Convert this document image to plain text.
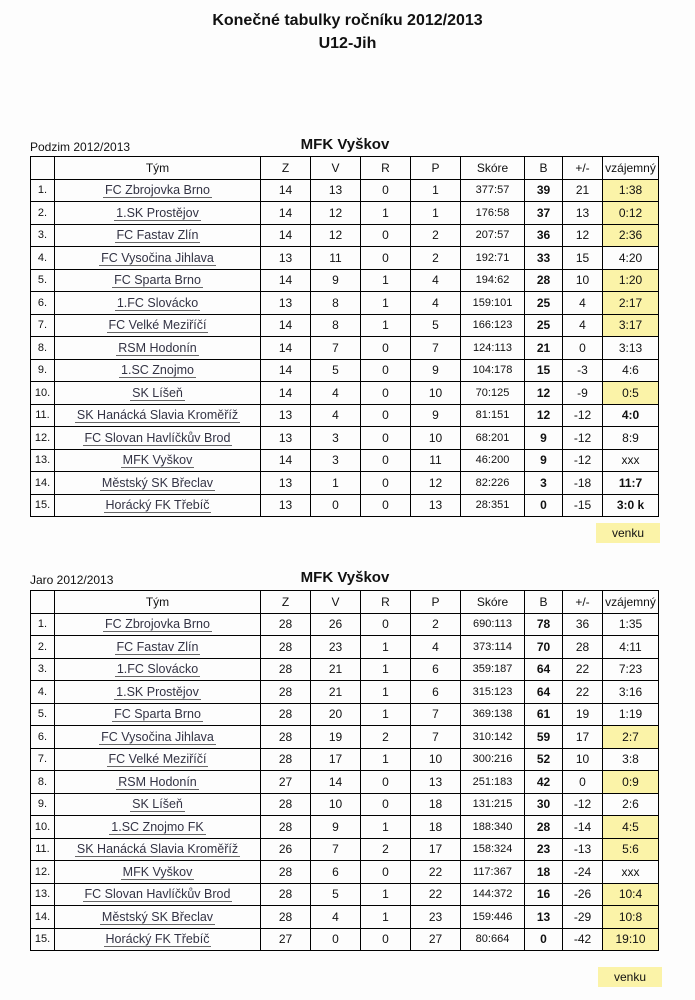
Konečné tabulky ročníku 2012/2013
U12-Jih
Podzim 2012/2013	MFK Vyškov
	Tým	Z	V	R	P	Skóre	B	+/-	vzájemný
1.	FC Zbrojovka Brno	14	13	0	1	377:57	39	21	1:38
2.	1.SK Prostějov	14	12	1	1	176:58	37	13	0:12
3.	FC Fastav Zlín	14	12	0	2	207:57	36	12	2:36
4.	FC Vysočina Jihlava	13	11	0	2	192:71	33	15	4:20
5.	FC Sparta Brno	14	9	1	4	194:62	28	10	1:20
6.	1.FC Slovácko	13	8	1	4	159:101	25	4	2:17
7.	FC Velké Meziříčí	14	8	1	5	166:123	25	4	3:17
8.	RSM Hodonín	14	7	0	7	124:113	21	0	3:13
9.	1.SC Znojmo	14	5	0	9	104:178	15	-3	4:6
10.	SK Líšeň	14	4	0	10	70:125	12	-9	0:5
11.	SK Hanácká Slavia Kroměříž	13	4	0	9	81:151	12	-12	4:0
12.	FC Slovan Havlíčkův Brod	13	3	0	10	68:201	9	-12	8:9
13.	MFK Vyškov	14	3	0	11	46:200	9	-12	xxx
14.	Městský SK Břeclav	13	1	0	12	82:226	3	-18	11:7
15.	Horácký FK Třebíč	13	0	0	13	28:351	0	-15	3:0 k
venku
Jaro 2012/2013	MFK Vyškov
	Tým	Z	V	R	P	Skóre	B	+/-	vzájemný
1.	FC Zbrojovka Brno	28	26	0	2	690:113	78	36	1:35
2.	FC Fastav Zlín	28	23	1	4	373:114	70	28	4:11
3.	1.FC Slovácko	28	21	1	6	359:187	64	22	7:23
4.	1.SK Prostějov	28	21	1	6	315:123	64	22	3:16
5.	FC Sparta Brno	28	20	1	7	369:138	61	19	1:19
6.	FC Vysočina Jihlava	28	19	2	7	310:142	59	17	2:7
7.	FC Velké Meziříčí	28	17	1	10	300:216	52	10	3:8
8.	RSM Hodonín	27	14	0	13	251:183	42	0	0:9
9.	SK Líšeň	28	10	0	18	131:215	30	-12	2:6
10.	1.SC Znojmo FK	28	9	1	18	188:340	28	-14	4:5
11.	SK Hanácká Slavia Kroměříž	26	7	2	17	158:324	23	-13	5:6
12.	MFK Vyškov	28	6	0	22	117:367	18	-24	xxx
13.	FC Slovan Havlíčkův Brod	28	5	1	22	144:372	16	-26	10:4
14.	Městský SK Břeclav	28	4	1	23	159:446	13	-29	10:8
15.	Horácký FK Třebíč	27	0	0	27	80:664	0	-42	19:10
venku
